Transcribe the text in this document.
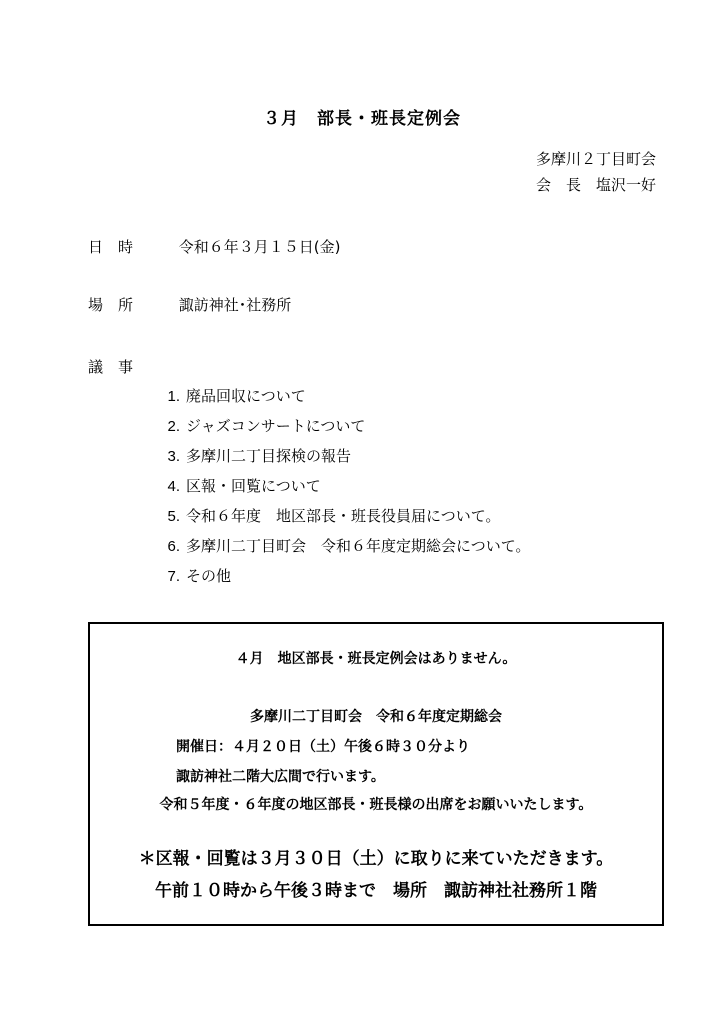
３月　部長・班長定例会
多摩川２丁目町会
会　長　塩沢一好
日　時	令和６年３月１５日(金)
場　所	諏訪神社･社務所
議　事
1. 廃品回収について
2. ジャズコンサートについて
3. 多摩川二丁目探検の報告
4. 区報・回覧について
5. 令和６年度　地区部長・班長役員届について。
6. 多摩川二丁目町会　令和６年度定期総会について。
7. その他
４月　地区部長・班長定例会はありません。
多摩川二丁目町会　令和６年度定期総会
開催日：４月２０日（土）午後６時３０分より
諏訪神社二階大広間で行います。
令和５年度・６年度の地区部長・班長様の出席をお願いいたします。
＊区報・回覧は３月３０日（土）に取りに来ていただきます。
午前１０時から午後３時まで　場所　諏訪神社社務所１階
